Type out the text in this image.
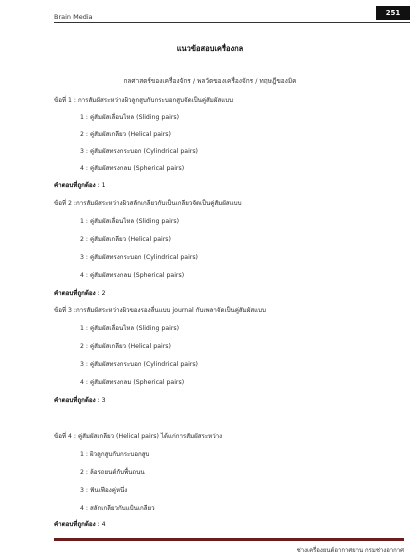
Brain Media	251
แนวข้อสอบเครื่องกล
กลศาสตร์ของเครื่องจักร / พลวัตของเครื่องจักร / ทฤษฎีของมิค
ข้อที่ 1 : การสัมผัสระหว่างผิวลูกสูบกับกระบอกสูบจัดเป็นคู่สัมผัสแบบ
1 : คู่สัมผัสเลื่อนไหล (Sliding pairs)
2 : คู่สัมผัสเกลียว (Helical pairs)
3 : คู่สัมผัสทรงกระบอก (Cylindrical pairs)
4 : คู่สัมผัสทรงกลม (Spherical pairs)
คำตอบที่ถูกต้อง : 1
ข้อที่ 2 :การสัมผัสระหว่างผิวสลักเกลียวกับเป็นเกลียวจัดเป็นคู่สัมผัสแบบ
1 : คู่สัมผัสเลื่อนไหล (Sliding pairs)
2 : คู่สัมผัสเกลียว (Helical pairs)
3 : คู่สัมผัสทรงกระบอก (Cylindrical pairs)
4 : คู่สัมผัสทรงกลม (Spherical pairs)
คำตอบที่ถูกต้อง : 2
ข้อที่ 3 :การสัมผัสระหว่างผิวของรองลื่นแบบ journal กับเพลาจัดเป็นคู่สัมผัสแบบ
1 : คู่สัมผัสเลื่อนไหล (Sliding pairs)
2 : คู่สัมผัสเกลียว (Helical pairs)
3 : คู่สัมผัสทรงกระบอก (Cylindrical pairs)
4 : คู่สัมผัสทรงกลม (Spherical pairs)
คำตอบที่ถูกต้อง : 3
ข้อที่ 4 : คู่สัมผัสเกลียว (Helical pairs) ได้แก่การสัมผัสระหว่าง
1 : ผิวลูกสูบกับกระบอกสูบ
2 : ล้อรถยนต์กับพื้นถนน
3 : ฟันเฟืองคู่หนึ่ง
4 : สลักเกลียวกับแป้นเกลียว
คำตอบที่ถูกต้อง : 4
ช่างเครื่องยนต์อากาศยาน กรมช่างอากาศ
